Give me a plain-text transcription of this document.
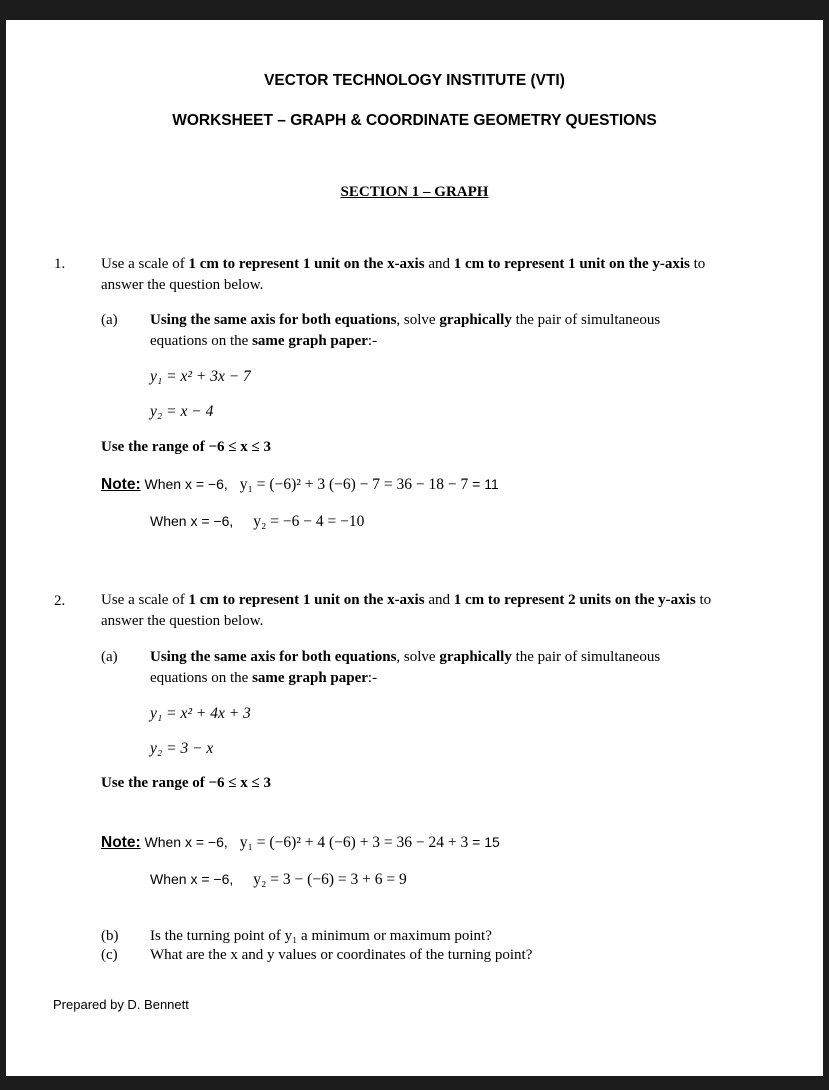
VECTOR TECHNOLOGY INSTITUTE (VTI)
WORKSHEET – GRAPH & COORDINATE GEOMETRY QUESTIONS
SECTION 1 – GRAPH
1. Use a scale of 1 cm to represent 1 unit on the x-axis and 1 cm to represent 1 unit on the y-axis to
answer the question below.
(a) Using the same axis for both equations, solve graphically the pair of simultaneous
equations on the same graph paper:-
y₁ = x² + 3x − 7
y₂ = x − 4
Use the range of −6 ≤ x ≤ 3
Note: When x = −6, y₁ = (−6)² + 3 (−6) − 7 = 36 − 18 − 7 = 11
When x = −6, y₂ = −6 − 4 = −10
2. Use a scale of 1 cm to represent 1 unit on the x-axis and 1 cm to represent 2 units on the y-axis to
answer the question below.
(a) Using the same axis for both equations, solve graphically the pair of simultaneous
equations on the same graph paper:-
y₁ = x² + 4x + 3
y₂ = 3 − x
Use the range of −6 ≤ x ≤ 3
Note: When x = −6, y₁ = (−6)² + 4 (−6) + 3 = 36 − 24 + 3 = 15
When x = −6, y₂ = 3 − (−6) = 3 + 6 = 9
(b) Is the turning point of y₁ a minimum or maximum point?
(c) What are the x and y values or coordinates of the turning point?
Prepared by D. Bennett
